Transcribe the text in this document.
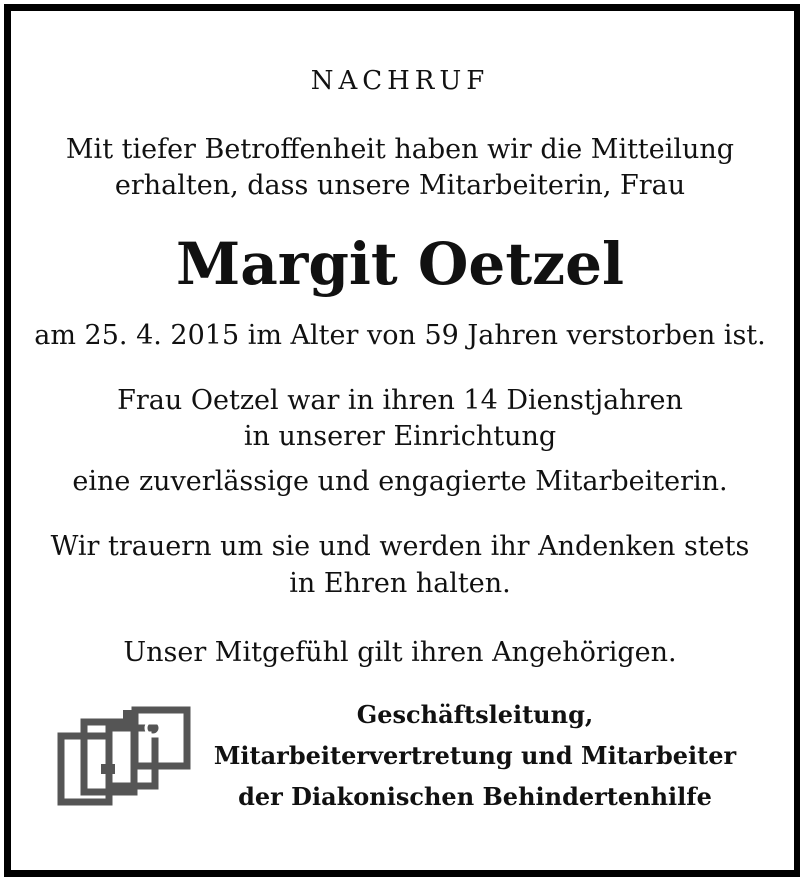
NACHRUF
Mit tiefer Betroffenheit haben wir die Mitteilung
erhalten, dass unsere Mitarbeiterin, Frau
Margit Oetzel
am 25. 4. 2015 im Alter von 59 Jahren verstorben ist.
Frau Oetzel war in ihren 14 Dienstjahren
in unserer Einrichtung
eine zuverlässige und engagierte Mitarbeiterin.
Wir trauern um sie und werden ihr Andenken stets
in Ehren halten.
Unser Mitgefühl gilt ihren Angehörigen.
Geschäftsleitung,
Mitarbeitervertretung und Mitarbeiter
der Diakonischen Behindertenhilfe
